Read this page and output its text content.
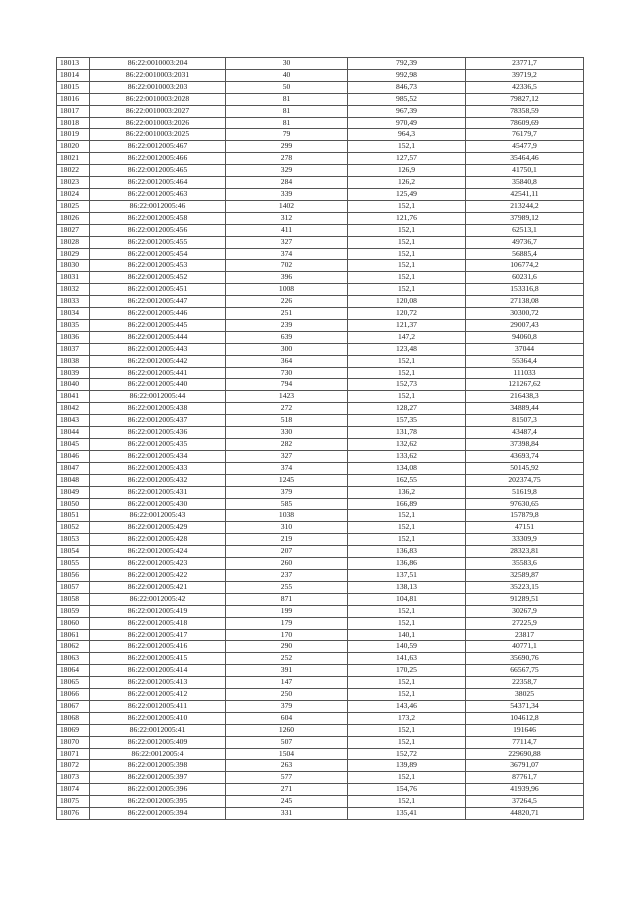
18013	86:22:0010003:204	30	792,39	23771,7
18014	86:22:0010003:2031	40	992,98	39719,2
18015	86:22:0010003:203	50	846,73	42336,5
18016	86:22:0010003:2028	81	985,52	79827,12
18017	86:22:0010003:2027	81	967,39	78358,59
18018	86:22:0010003:2026	81	970,49	78609,69
18019	86:22:0010003:2025	79	964,3	76179,7
18020	86:22:0012005:467	299	152,1	45477,9
18021	86:22:0012005:466	278	127,57	35464,46
18022	86:22:0012005:465	329	126,9	41750,1
18023	86:22:0012005:464	284	126,2	35840,8
18024	86:22:0012005:463	339	125,49	42541,11
18025	86:22:0012005:46	1402	152,1	213244,2
18026	86:22:0012005:458	312	121,76	37989,12
18027	86:22:0012005:456	411	152,1	62513,1
18028	86:22:0012005:455	327	152,1	49736,7
18029	86:22:0012005:454	374	152,1	56885,4
18030	86:22:0012005:453	702	152,1	106774,2
18031	86:22:0012005:452	396	152,1	60231,6
18032	86:22:0012005:451	1008	152,1	153316,8
18033	86:22:0012005:447	226	120,08	27138,08
18034	86:22:0012005:446	251	120,72	30300,72
18035	86:22:0012005:445	239	121,37	29007,43
18036	86:22:0012005:444	639	147,2	94060,8
18037	86:22:0012005:443	300	123,48	37044
18038	86:22:0012005:442	364	152,1	55364,4
18039	86:22:0012005:441	730	152,1	111033
18040	86:22:0012005:440	794	152,73	121267,62
18041	86:22:0012005:44	1423	152,1	216438,3
18042	86:22:0012005:438	272	128,27	34889,44
18043	86:22:0012005:437	518	157,35	81507,3
18044	86:22:0012005:436	330	131,78	43487,4
18045	86:22:0012005:435	282	132,62	37398,84
18046	86:22:0012005:434	327	133,62	43693,74
18047	86:22:0012005:433	374	134,08	50145,92
18048	86:22:0012005:432	1245	162,55	202374,75
18049	86:22:0012005:431	379	136,2	51619,8
18050	86:22:0012005:430	585	166,89	97630,65
18051	86:22:0012005:43	1038	152,1	157879,8
18052	86:22:0012005:429	310	152,1	47151
18053	86:22:0012005:428	219	152,1	33309,9
18054	86:22:0012005:424	207	136,83	28323,81
18055	86:22:0012005:423	260	136,86	35583,6
18056	86:22:0012005:422	237	137,51	32589,87
18057	86:22:0012005:421	255	138,13	35223,15
18058	86:22:0012005:42	871	104,81	91289,51
18059	86:22:0012005:419	199	152,1	30267,9
18060	86:22:0012005:418	179	152,1	27225,9
18061	86:22:0012005:417	170	140,1	23817
18062	86:22:0012005:416	290	140,59	40771,1
18063	86:22:0012005:415	252	141,63	35690,76
18064	86:22:0012005:414	391	170,25	66567,75
18065	86:22:0012005:413	147	152,1	22358,7
18066	86:22:0012005:412	250	152,1	38025
18067	86:22:0012005:411	379	143,46	54371,34
18068	86:22:0012005:410	604	173,2	104612,8
18069	86:22:0012005:41	1260	152,1	191646
18070	86:22:0012005:409	507	152,1	77114,7
18071	86:22:0012005:4	1504	152,72	229690,88
18072	86:22:0012005:398	263	139,89	36791,07
18073	86:22:0012005:397	577	152,1	87761,7
18074	86:22:0012005:396	271	154,76	41939,96
18075	86:22:0012005:395	245	152,1	37264,5
18076	86:22:0012005:394	331	135,41	44820,71
